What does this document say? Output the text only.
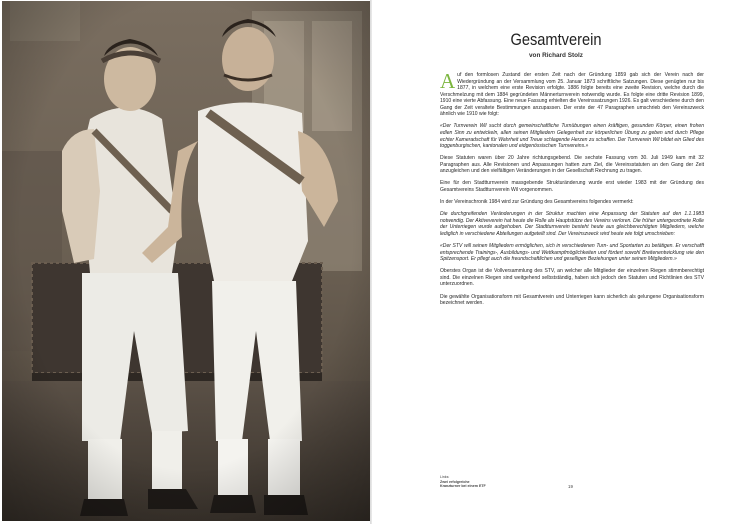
Gesamtverein
von Richard Stolz

Auf den formlosen Zustand der ersten Zeit nach der Gründung 1859 gab sich der Verein nach der Wiedergründung an der Versammlung vom 25. Januar 1873 schriftliche Satzungen. Diese genügten nur bis 1877, in welchem eine erste Revision erfolgte. 1886 folgte bereits eine zweite Revision, welche durch die Verschmelzung mit dem 1884 gegründeten Männerturnverein notwendig wurde. Es folgte eine dritte Revision 1899, 1910 eine vierte Abfassung. Eine neue Fassung erhielten die Vereinssatzungen 1926. Es galt verschiedene durch den Gang der Zeit veraltete Bestimmungen anzupassen. Der erste der 47 Paragraphen umschrieb den Vereinszweck ähnlich wie 1910 wie folgt:

«Der Turnverein Wil sucht durch gemeinschaftliche Turnübungen einen kräftigen, gesunden Körper, einen frohen edlen Sinn zu entwickeln, allen seinen Mitgliedern Gelegenheit zur körperlichen Übung zu geben und durch Pflege echter Kameradschaft für Wahrheit und Treue schlagende Herzen zu schaffen. Der Turnverein Wil bildet ein Glied des toggenburgischen, kantonalen und eidgenössischen Turnvereins.»

Diese Statuten waren über 20 Jahre richtungsgebend. Die sechste Fassung vom 30. Juli 1949 kam mit 32 Paragraphen aus. Alle Revisionen und Anpassungen hatten zum Ziel, die Vereinsstatuten an den Gang der Zeit anzugleichen und den vielfältigen Veränderungen in der Gesellschaft Rechnung zu tragen.

Eine für den Stadtturnverein massgebende Strukturänderung wurde erst wieder 1983 mit der Gründung des Gesamtvereins Stadtturnverein Wil vorgenommen.

In der Vereinschronik 1984 wird zur Gründung des Gesamtvereins folgendes vermerkt:

Die durchgreifenden Veränderungen in der Struktur machten eine Anpassung der Statuten auf den 1.1.1983 notwendig. Der Aktiveverein hat heute die Rolle als Hauptstütze des Vereins verloren. Die früher untergeordnete Rolle der Unterriegen wurde aufgehoben. Der Stadtturnverein besteht heute aus gleichberechtigten Mitgliedern, welche lediglich in verschiedene Abteilungen aufgeteilt sind. Der Vereinszweck wird heute wie folgt umschrieben:

«Der STV will seinen Mitgliedern ermöglichen, sich in verschiedenen Turn- und Sportarten zu betätigen. Er verschafft entsprechende Trainings-, Ausbildungs- und Wettkampfmöglichkeiten und fördert sowohl Breitenentwicklung wie den Spitzensport. Er pflegt auch die freundschaftlichen und geselligen Beziehungen unter seinen Mitgliedern.»

Oberstes Organ ist die Vollversammlung des STV, an welcher alle Mitglieder der einzelnen Riegen stimmberechtigt sind. Die einzelnen Riegen sind weitgehend selbstständig, haben sich jedoch den Statuten und Richtlinien des STV unterzuordnen.

Die gewählte Organisationsform mit Gesamtverein und Unterriegen kann sicherlich als gelungene Organisationsform bezeichnet werden.

Links:
Zwei erfolgreiche
Kranzturner bei einem ETF	19
